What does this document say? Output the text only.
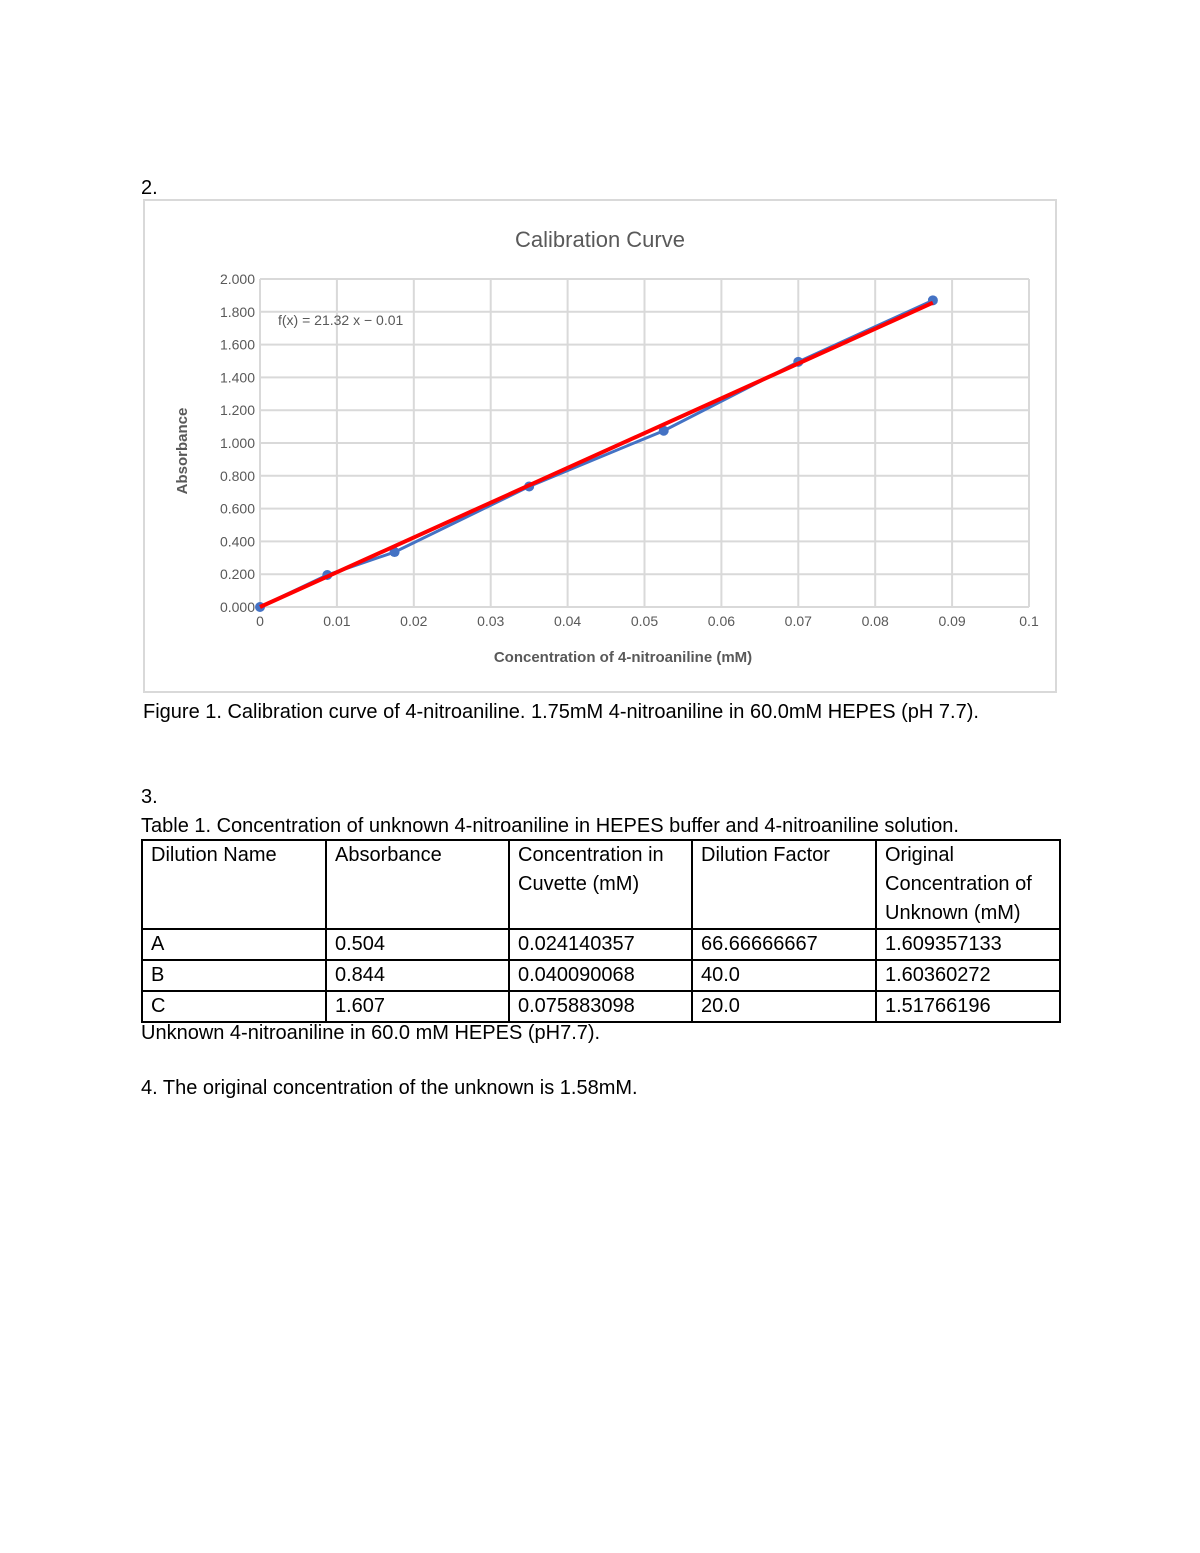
2.
0.000
0.200
0.400
0.600
0.800
1.000
1.200
1.400
1.600
1.800
2.000
0	0.01	0.02	0.03	0.04	0.05	0.06	0.07	0.08	0.09	0.1
Calibration Curve
f(x) = 21.32 x − 0.01
Concentration of 4-nitroaniline (mM)
Absorbance
Figure 1. Calibration curve of 4-nitroaniline. 1.75mM 4-nitroaniline in 60.0mM HEPES (pH 7.7).
3.
Table 1. Concentration of unknown 4-nitroaniline in HEPES buffer and 4-nitroaniline solution.
Dilution Name	Absorbance	Concentration in Cuvette (mM)	Dilution Factor	Original Concentration of Unknown (mM)
A	0.504	0.024140357	66.66666667	1.609357133
B	0.844	0.040090068	40.0	1.60360272
C	1.607	0.075883098	20.0	1.51766196
Unknown 4-nitroaniline in 60.0 mM HEPES (pH7.7).
4. The original concentration of the unknown is 1.58mM.
